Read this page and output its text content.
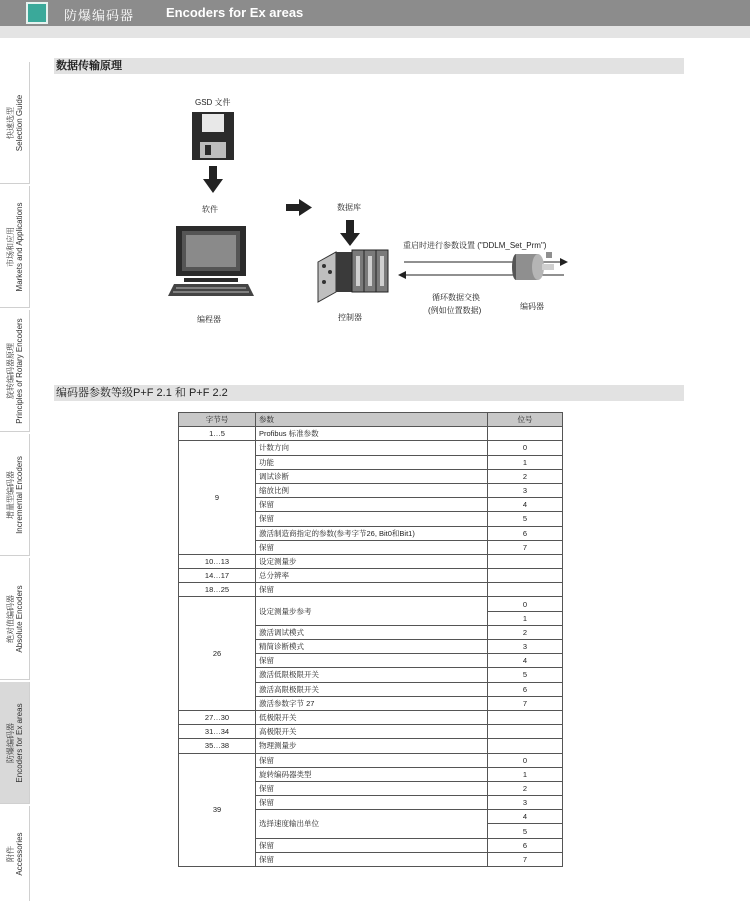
防爆编码器 Encoders for Ex areas
快速选型
Selection Guide
市场和应用
Markets and Applications
旋转编码器原理
Principles of Rotary Encoders
增量型编码器
Incremental Encoders
绝对值编码器
Absolute Encoders
防爆编码器
Encoders for Ex areas
附件
Accessories
数据传输原理
GSD 文件
软件
编程器
数据库
控制器
重启时进行参数设置 ("DDLM_Set_Prm")
循环数据交换
(例如位置数据)	编码器
编码器参数等级P+F 2.1 和 P+F 2.2
字节号	参数	位号
1…5	Profibus 标准参数	
9	计数方向	0
	功能	1
	调试诊断	2
	缩放比例	3
	保留	4
	保留	5
	激活制造商指定的参数(参考字节26, Bit0和Bit1)	6
	保留	7
10…13	设定测量步	
14…17	总分辨率	
18…25	保留	
26	设定测量步参考	0
		1
	激活调试模式	2
	精简诊断模式	3
	保留	4
	激活低限极限开关	5
	激活高限极限开关	6
	激活参数字节 27	7
27…30	低极限开关	
31…34	高极限开关	
35…38	物理测量步	
39	保留	0
	旋转编码器类型	1
	保留	2
	保留	3
	选择速度输出单位	4
		5
	保留	6
	保留	7
